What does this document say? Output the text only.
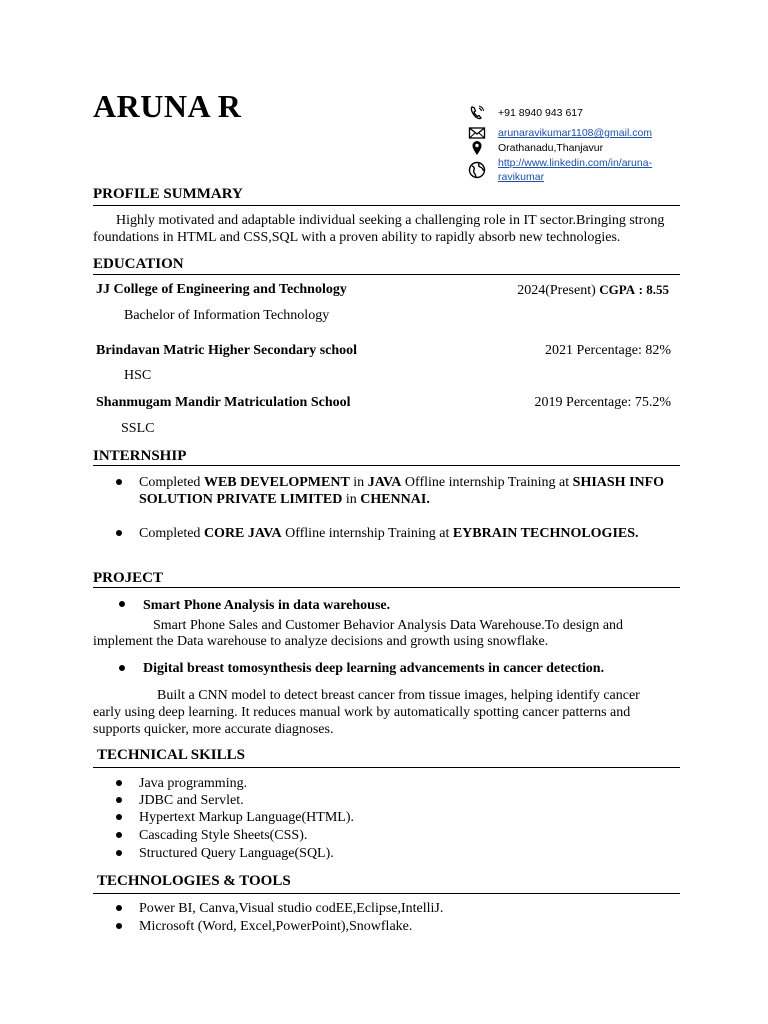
ARUNA R	+91 8940 943 617
arunaravikumar1108@gmail.com
Orathanadu,Thanjavur
http://www.linkedin.com/in/aruna-
ravikumar
PROFILE SUMMARY
Highly motivated and adaptable individual seeking a challenging role in IT sector.Bringing strong
foundations in HTML and CSS,SQL with a proven ability to rapidly absorb new technologies.
EDUCATION
JJ College of Engineering and Technology	2024(Present) CGPA : 8.55
Bachelor of Information Technology
Brindavan Matric Higher Secondary school	2021 Percentage: 82%
HSC
Shanmugam Mandir Matriculation School	2019 Percentage: 75.2%
SSLC
INTERNSHIP
Completed WEB DEVELOPMENT in JAVA Offline internship Training at SHIASH INFO
SOLUTION PRIVATE LIMITED in CHENNAI.
Completed CORE JAVA Offline internship Training at EYBRAIN TECHNOLOGIES.
PROJECT
Smart Phone Analysis in data warehouse.
Smart Phone Sales and Customer Behavior Analysis Data Warehouse.To design and
implement the Data warehouse to analyze decisions and growth using snowflake.
Digital breast tomosynthesis deep learning advancements in cancer detection.
Built a CNN model to detect breast cancer from tissue images, helping identify cancer
early using deep learning. It reduces manual work by automatically spotting cancer patterns and
supports quicker, more accurate diagnoses.
TECHNICAL SKILLS
Java programming.
JDBC and Servlet.
Hypertext Markup Language(HTML).
Cascading Style Sheets(CSS).
Structured Query Language(SQL).
TECHNOLOGIES & TOOLS
Power BI, Canva,Visual studio codEE,Eclipse,IntelliJ.
Microsoft (Word, Excel,PowerPoint),Snowflake.
